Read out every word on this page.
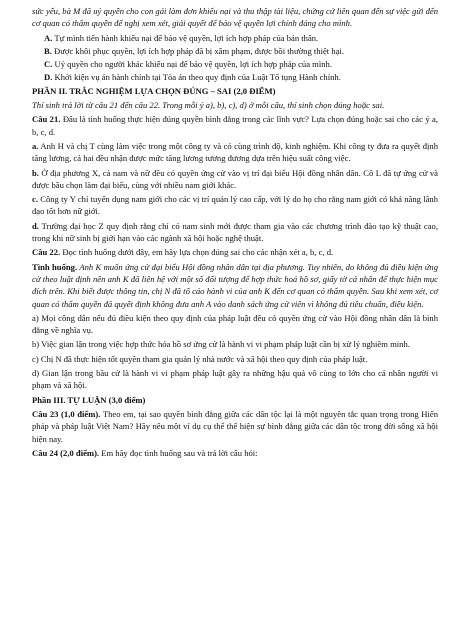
sức yếu, bà M đã uỷ quyền cho con gái làm đơn khiếu nại và thu thập tài liệu, chứng cứ liên quan đến sự việc gửi đến cơ quan có thẩm quyền để nghị xem xét, giải quyết để bảo vệ quyền lợi chính đáng cho mình.

A. Tự mình tiến hành khiếu nại để bảo vệ quyền, lợi ích hợp pháp của bản thân.

B. Được khôi phục quyền, lợi ích hợp pháp đã bị xâm phạm, được bồi thường thiệt hại.

C. Uỷ quyền cho người khác khiếu nại để bảo vệ quyền, lợi ích hợp pháp của mình.

D. Khởi kiện vụ án hành chính tại Tòa án theo quy định của Luật Tố tụng Hành chính.

PHẦN II. TRẮC NGHIỆM LỰA CHỌN ĐÚNG – SAI (2,0 ĐIỂM)

Thí sinh trả lời từ câu 21 đến câu 22. Trong mỗi ý a), b), c), d) ở mỗi câu, thí sinh chọn đúng hoặc sai.

Câu 21. Đâu là tình huống thực hiện đúng quyền bình đẳng trong các lĩnh vực? Lựa chọn đúng hoặc sai cho các ý a, b, c, d.

a. Anh H và chị T cùng làm việc trong một công ty và có cùng trình độ, kinh nghiệm. Khi công ty đưa ra quyết định tăng lương, cả hai đều nhận được mức tăng lương tương đương dựa trên hiệu suất công việc.

b. Ở địa phương X, cả nam và nữ đều có quyền ứng cử vào vị trí đại biểu Hội đồng nhân dân. Cô L đã tự ứng cử và được bầu chọn làm đại biểu, cùng với nhiều nam giới khác.

c. Công ty Y chỉ tuyển dụng nam giới cho các vị trí quản lý cao cấp, với lý do họ cho rằng nam giới có khả năng lãnh đạo tốt hơn nữ giới.

d. Trường đại học Z quy định rằng chỉ có nam sinh mới được tham gia vào các chương trình đào tạo kỹ thuật cao, trong khi nữ sinh bị giới hạn vào các ngành xã hội hoặc nghệ thuật.

Câu 22. Đọc tình huống dưới đây, em hãy lựa chọn đúng sai cho các nhận xét a, b, c, d.

Tình huống. Anh K muốn ứng cử đại biểu Hội đồng nhân dân tại địa phương. Tuy nhiên, do không đủ điều kiện ứng cử theo luật định nên anh K đã liên hệ với một số đối tượng để hợp thức hoá hồ sơ, giấy tờ cá nhân để thực hiện mục đích trên. Khi biết được thông tin, chị N đã tố cáo hành vi của anh K đến cơ quan có thẩm quyền. Sau khi xem xét, cơ quan có thẩm quyền đã quyết định không đưa anh A vào danh sách ứng cử viên vì không đủ tiêu chuẩn, điều kiện.

a) Mọi công dân nếu đủ điều kiện theo quy định của pháp luật đều có quyền ứng cử vào Hội đồng nhân dân là bình đẳng về nghĩa vụ.

b) Việc gian lận trong việc hợp thức hóa hồ sơ ứng cử là hành vi vi phạm pháp luật cần bị xử lý nghiêm minh.

c) Chị N đã thực hiện tốt quyền tham gia quản lý nhà nước và xã hội theo quy định của pháp luật.

d) Gian lận trong bầu cử là hành vi vi phạm pháp luật gây ra những hậu quả vô cùng to lớn cho cá nhân người vi phạm và xã hội.

Phần III. TỰ LUẬN (3,0 điểm)

Câu 23 (1,0 điểm). Theo em, tại sao quyền bình đẳng giữa các dân tộc lại là một nguyên tắc quan trọng trong Hiến pháp và pháp luật Việt Nam? Hãy nêu một ví dụ cụ thể thể hiện sự bình đẳng giữa các dân tộc trong đời sống xã hội hiện nay.

Câu 24 (2,0 điểm). Em hãy đọc tình huống sau và trả lời câu hỏi:
